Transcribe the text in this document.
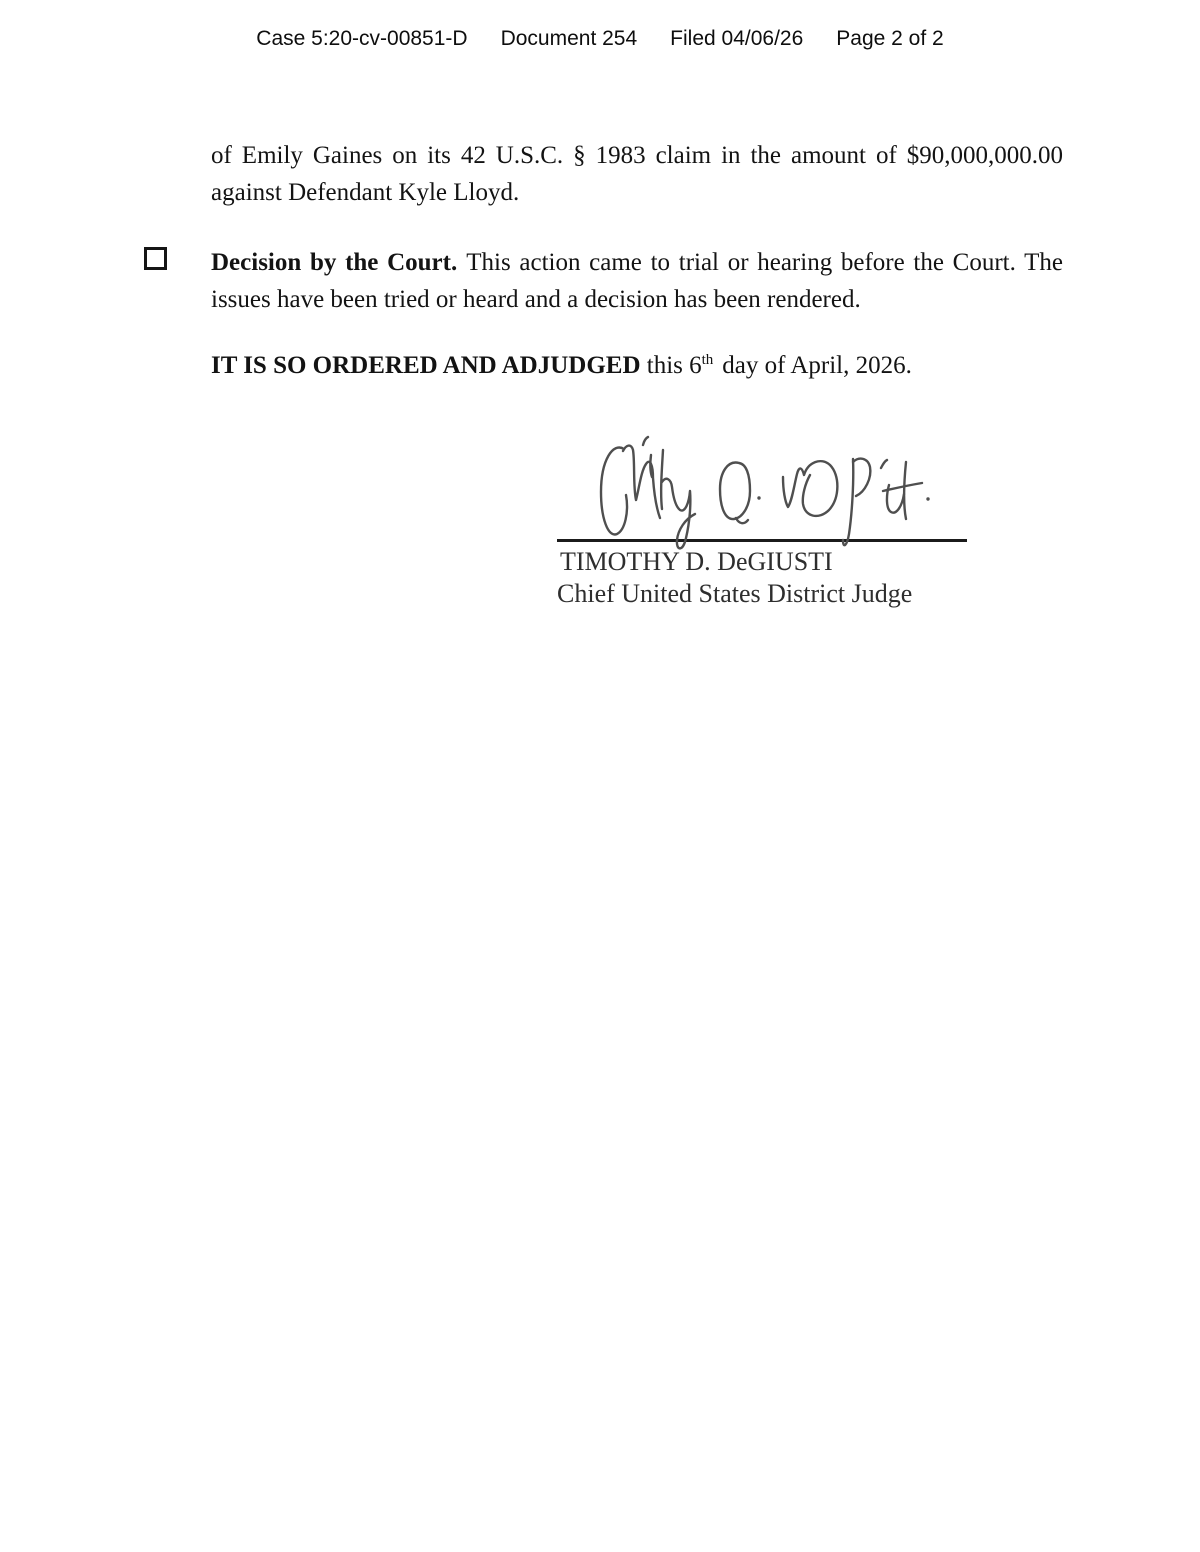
Case 5:20-cv-00851-D Document 254 Filed 04/06/26 Page 2 of 2
of Emily Gaines on its 42 U.S.C. § 1983 claim in the amount of $90,000,000.00
against Defendant Kyle Lloyd.
Decision by the Court. This action came to trial or hearing before the Court. The
issues have been tried or heard and a decision has been rendered.
IT IS SO ORDERED AND ADJUDGED this 6th day of April, 2026.
TIMOTHY D. DeGIUSTI
Chief United States District Judge
